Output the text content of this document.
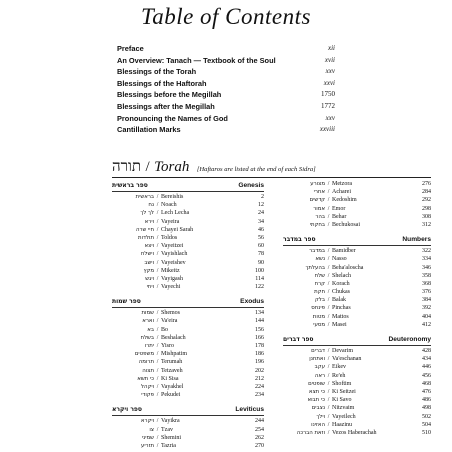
Table of Contents
Preface	xii
An Overview: Tanach — Textbook of the Soul	xvii
Blessings of the Torah	xxv
Blessings of the Haftorah	xxvi
Blessings before the Megillah	1750
Blessings after the Megillah	1772
Pronouncing the Names of God	xxv
Cantillation Marks	xxviii
תורה / Torah [Haftaros are listed at the end of each Sidra]
ספר בראשית	Genesis
בראשית / Bereishis	2
נח / Noach	12
לך לך / Lech Lecha	24
וירא / Vayeira	34
חיי שרה / Chayei Sarah	46
תולדות / Toldos	56
ויצא / Vayeitzei	60
וישלח / Vayishlach	78
וישב / Vayeishev	90
מקץ / Mikeitz	100
ויגש / Vayigash	114
ויחי / Vayechi	122
ספר שמות	Exodus
שמות / Shemos	134
וארא / Va'eira	144
בא / Bo	156
בשלח / Beshalach	166
יתרו / Yisro	178
משפטים / Mishpatim	186
תרומה / Terumah	196
תצוה / Tetzaveh	202
כי תשא / Ki Sisa	212
ויקהל / Vayakhel	224
פקודי / Pekudei	234
ספר ויקרא	Leviticus
ויקרא / Vayikra	244
צו / Tzav	254
שמיני / Shemini	262
תזריע / Tazria	270
מצורע / Metzora	276
אחרי / Acharei	284
קדשים / Kedoshim	292
אמור / Emor	298
בהר / Behar	308
בחקתי / Bechukosai	312
ספר במדבר	Numbers
במדבר / Bamidber	322
נשא / Nasso	334
בהעלתך / Beha'aloscha	346
שלח / Shelach	358
קרח / Korach	368
חקת / Chukas	376
בלק / Balak	384
פינחס / Pinchas	392
מטות / Mattos	404
מסעי / Masei	412
ספר דברים	Deuteronomy
דברים / Devarim	428
ואתחנן / Va'eschanan	434
עקב / Eikev	446
ראה / Re'eh	456
שופטים / Shoftim	468
כי תצא / Ki Seitzei	476
כי תבוא / Ki Savo	486
נצבים / Nitzvaim	498
וילך / Vayeilech	502
האזינו / Haazinu	504
וזאת הברכה / Vezos Haberachah	510
